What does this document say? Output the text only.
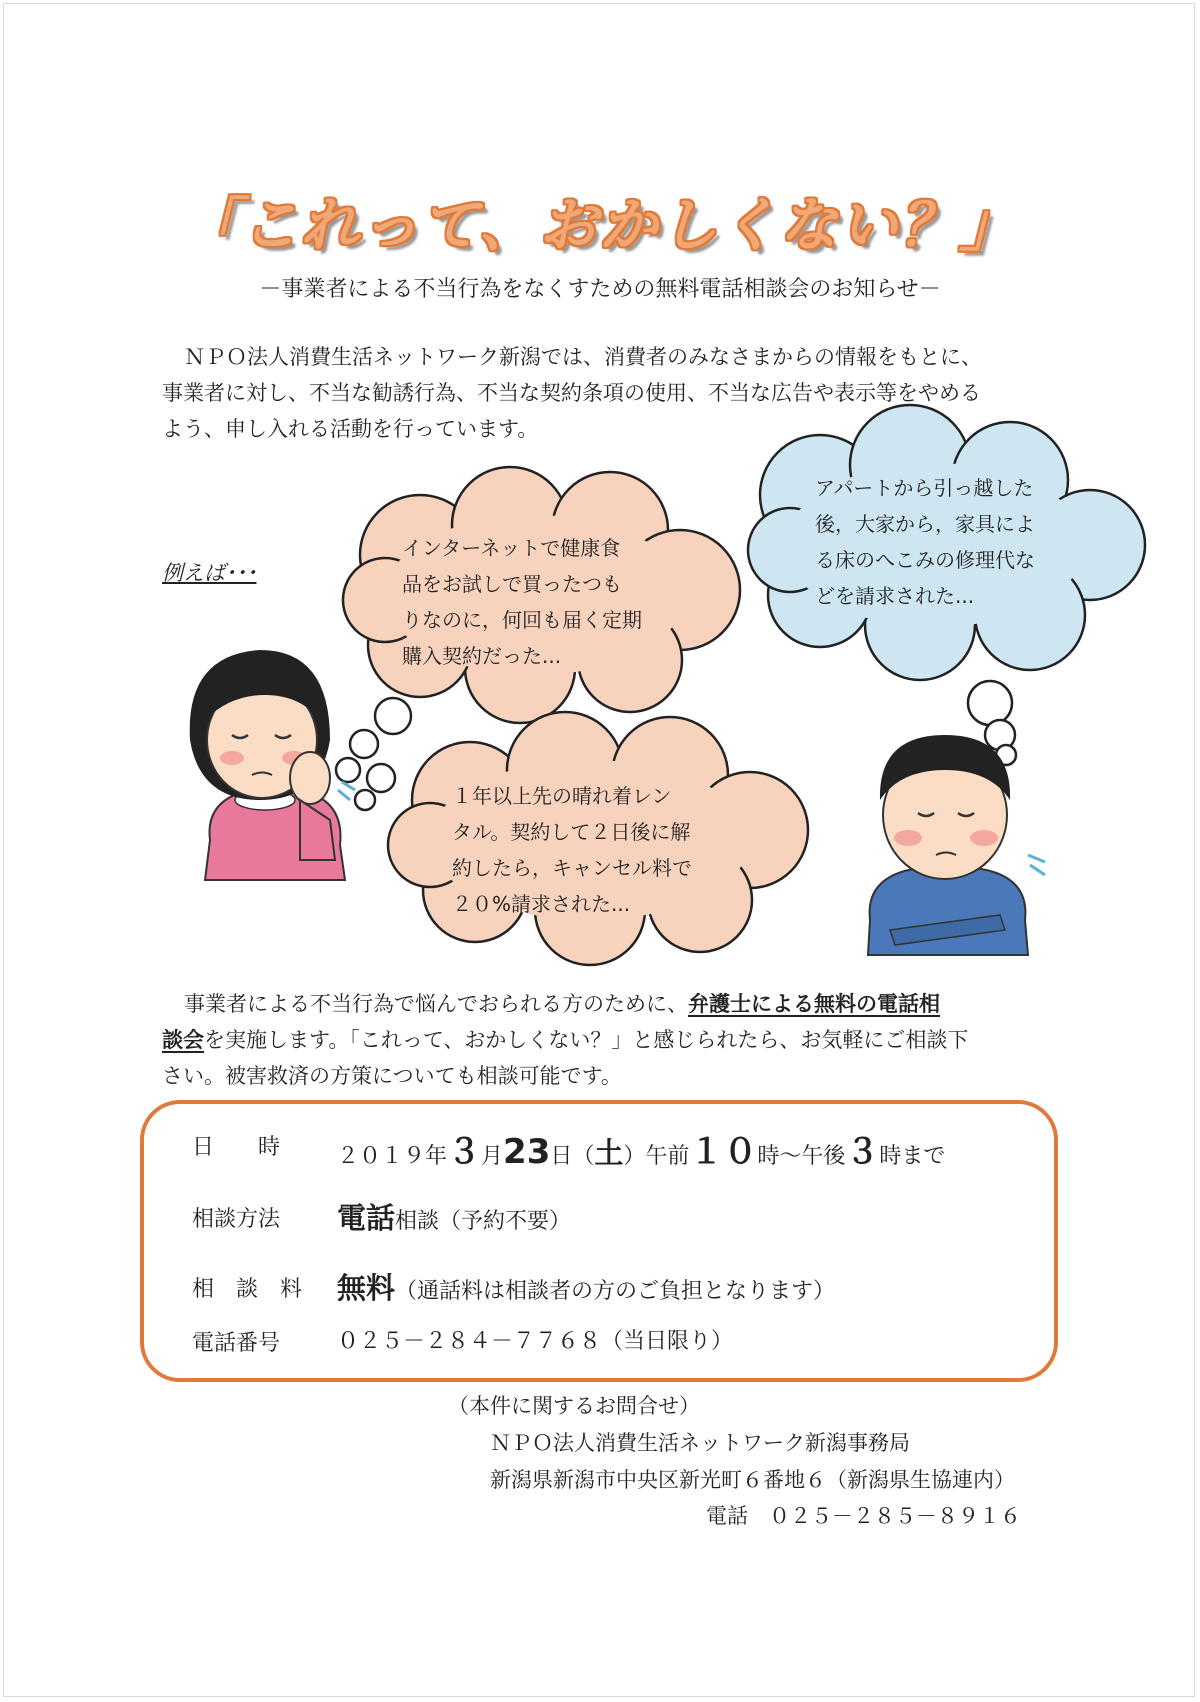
「これって、おかしくない？」
－事業者による不当行為をなくすための無料電話相談会のお知らせ－
ＮＰＯ法人消費生活ネットワーク新潟では、消費者のみなさまからの情報をもとに、
事業者に対し、不当な勧誘行為、不当な契約条項の使用、不当な広告や表示等をやめる
よう、申し入れる活動を行っています。
例えば･･･
インターネットで健康食
品をお試しで買ったつも
りなのに，何回も届く定期
購入契約だった...
１年以上先の晴れ着レン
タル。契約して２日後に解
約したら，キャンセル料で
２０%請求された...
アパートから引っ越した
後，大家から，家具によ
る床のへこみの修理代な
どを請求された...
事業者による不当行為で悩んでおられる方のために、弁護士による無料の電話相
談会を実施します。「これって、おかしくない？」と感じられたら、お気軽にご相談下
さい。被害救済の方策についても相談可能です。
日　　時	２０１９年３月23日（土）午前１０時～午後３時まで
相談方法	電話相談（予約不要）
相　談　料 無料（通話料は相談者の方のご負担となります）
電話番号	０２５－２８４－７７６８（当日限り）
（本件に関するお問合せ）
ＮＰＯ法人消費生活ネットワーク新潟事務局
新潟県新潟市中央区新光町６番地６（新潟県生協連内）
電話　０２５－２８５－８９１６
